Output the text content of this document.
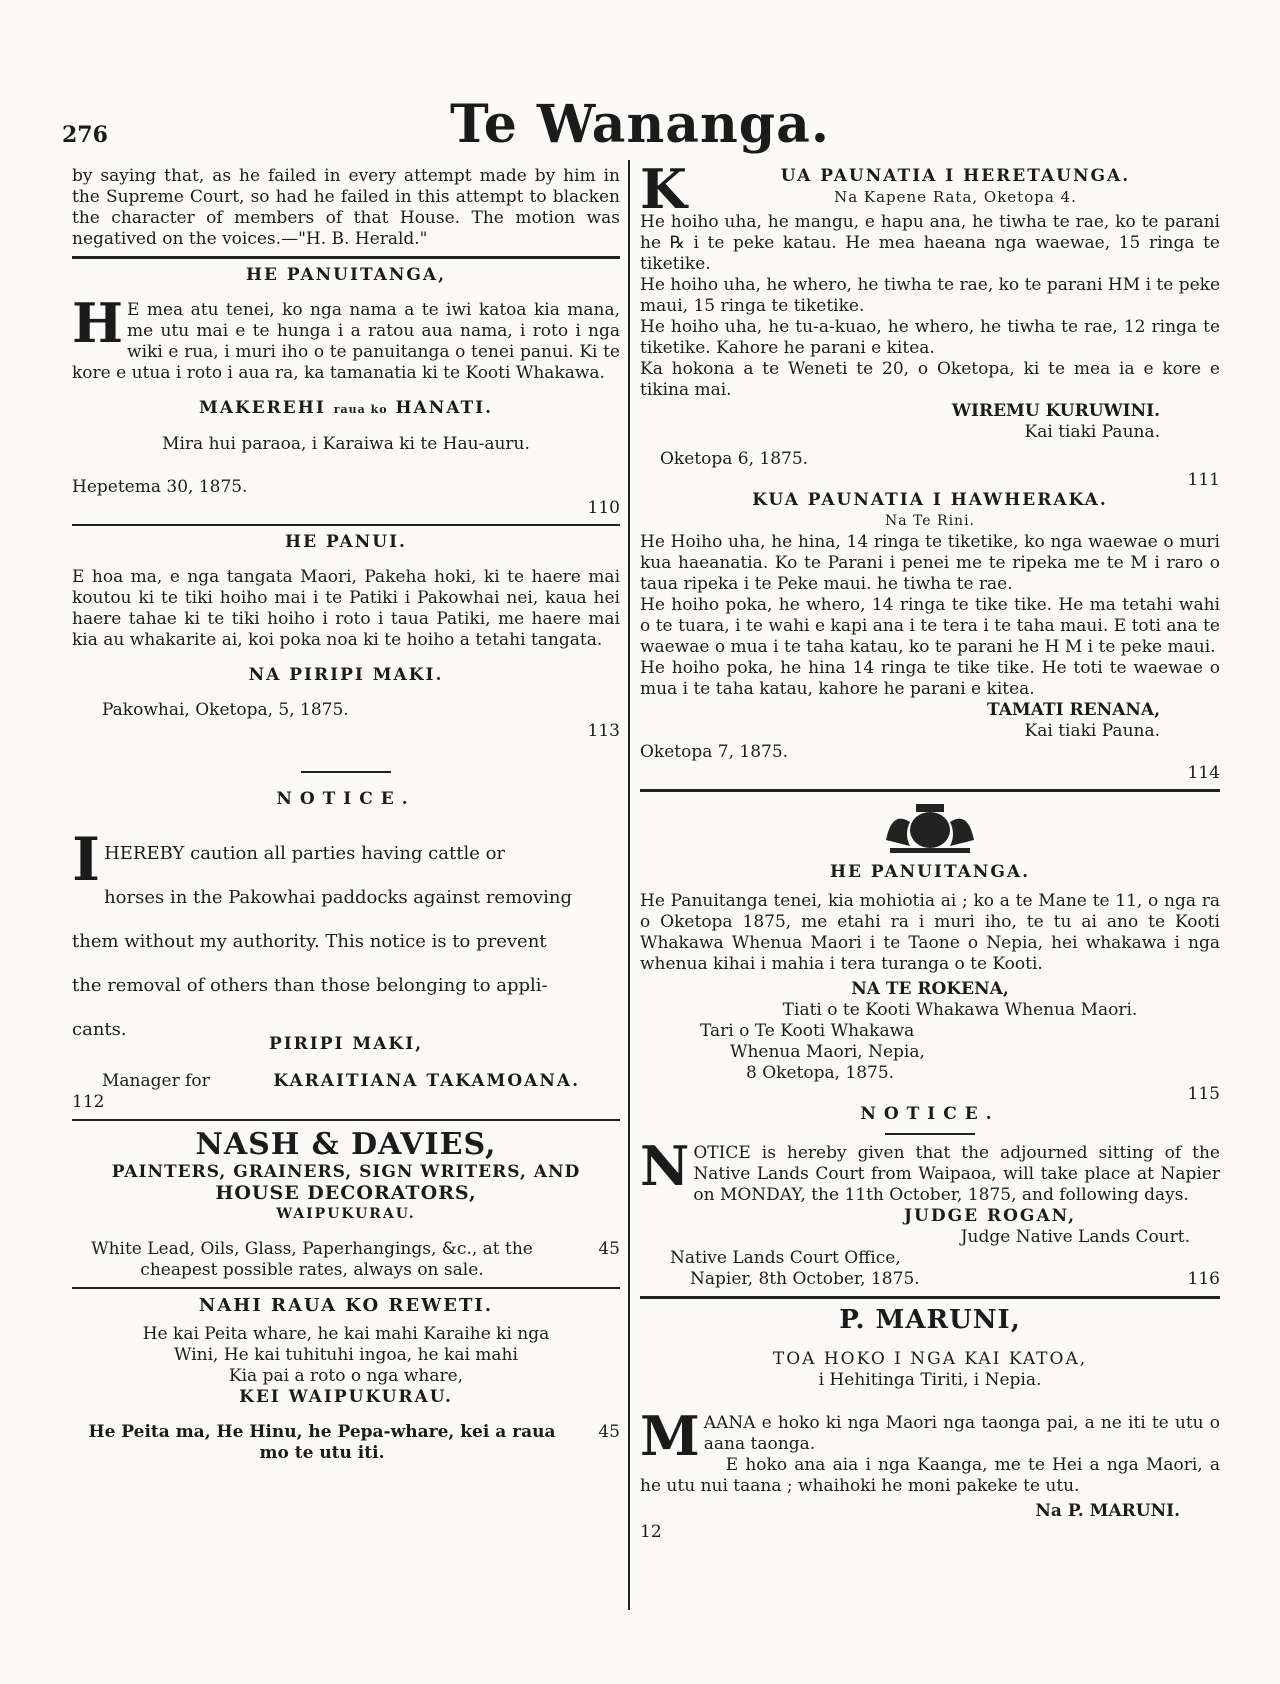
276	Te Wananga.

by saying that, as he failed in every attempt made by him in the Supreme Court, so had he failed in this attempt to blacken the character of members of that House. The motion was negatived on the voices.—"H. B. Herald."

HE PANUITANGA,

H E mea atu tenei, ko nga nama a te iwi katoa kia mana, me utu mai e te hunga i a ratou aua nama, i roto i nga wiki e rua, i muri iho o te panuitanga o tenei panui. Ki te kore e utua i roto i aua ra, ka tamanatia ki te Kooti Whakawa.

MAKEREHI raua ko HANATI.

Mira hui paraoa, i Karaiwa ki te Hau-auru.

Hepetema 30, 1875.

110

HE PANUI.

E hoa ma, e nga tangata Maori, Pakeha hoki, ki te haere mai koutou ki te tiki hoiho mai i te Patiki i Pakowhai nei, kaua hei haere tahae ki te tiki hoiho i roto i taua Patiki, me haere mai kia au whakarite ai, koi poka noa ki te hoiho a tetahi tangata.

NA PIRIPI MAKI.

Pakowhai, Oketopa, 5, 1875.

113

NOTICE.

I HEREBY caution all parties having cattle or

horses in the Pakowhai paddocks against removing

them without my authority. This notice is to prevent

the removal of others than those belonging to appli-

cants.

PIRIPI MAKI,

Manager for	KARAITIANA TAKAMOANA.

112

NASH & DAVIES,

PAINTERS, GRAINERS, SIGN WRITERS, AND

HOUSE DECORATORS,

WAIPUKURAU.

White Lead, Oils, Glass, Paperhangings, &c., at the cheapest possible rates, always on sale.

45

NAHI RAUA KO REWETI.

He kai Peita whare, he kai mahi Karaihe ki nga

Wini, He kai tuhituhi ingoa, he kai mahi

Kia pai a roto o nga whare,

KEI WAIPUKURAU.

He Peita ma, He Hinu, he Pepa-whare, kei a raua mo te utu iti.

45

K	UA PAUNATIA I HERETAUNGA.

Na Kapene Rata, Oketopa 4.

He hoiho uha, he mangu, e hapu ana, he tiwha te rae, ko te parani he ℞ i te peke katau. He mea haeana nga waewae, 15 ringa te tiketike.

He hoiho uha, he whero, he tiwha te rae, ko te parani HM i te peke maui, 15 ringa te tiketike.

He hoiho uha, he tu-a-kuao, he whero, he tiwha te rae, 12 ringa te tiketike. Kahore he parani e kitea.

Ka hokona a te Weneti te 20, o Oketopa, ki te mea ia e kore e tikina mai.

WIREMU KURUWINI.

Kai tiaki Pauna.

Oketopa 6, 1875.

111

KUA PAUNATIA I HAWHERAKA.

Na Te Rini.

He Hoiho uha, he hina, 14 ringa te tiketike, ko nga waewae o muri kua haeanatia. Ko te Parani i penei me te ripeka me te M i raro o taua ripeka i te Peke maui. he tiwha te rae.

He hoiho poka, he whero, 14 ringa te tike tike. He ma tetahi wahi o te tuara, i te wahi e kapi ana i te tera i te taha maui. E toti ana te waewae o mua i te taha katau, ko te parani he H M i te peke maui.

He hoiho poka, he hina 14 ringa te tike tike. He toti te waewae o mua i te taha katau, kahore he parani e kitea.

TAMATI RENANA,

Kai tiaki Pauna.

Oketopa 7, 1875.

114

HE PANUITANGA.

He Panuitanga tenei, kia mohiotia ai ; ko a te Mane te 11, o nga ra o Oketopa 1875, me etahi ra i muri iho, te tu ai ano te Kooti Whakawa Whenua Maori i te Taone o Nepia, hei whakawa i nga whenua kihai i mahia i tera turanga o te Kooti.

NA TE ROKENA,

Tiati o te Kooti Whakawa Whenua Maori.

Tari o Te Kooti Whakawa

Whenua Maori, Nepia,

8 Oketopa, 1875.

115

NOTICE.

N OTICE is hereby given that the adjourned sitting of the Native Lands Court from Waipaoa, will take place at Napier on MONDAY, the 11th October, 1875, and following days.

JUDGE ROGAN,

Judge Native Lands Court.

Native Lands Court Office,

Napier, 8th October, 1875.	116

P. MARUNI,

TOA HOKO I NGA KAI KATOA,

i Hehitinga Tiriti, i Nepia.

M AANA e hoko ki nga Maori nga taonga pai, a ne iti te utu o aana taonga.

E hoko ana aia i nga Kaanga, me te Hei a nga Maori, a he utu nui taana ; whaihoki he moni pakeke te utu.

Na P. MARUNI.

12
